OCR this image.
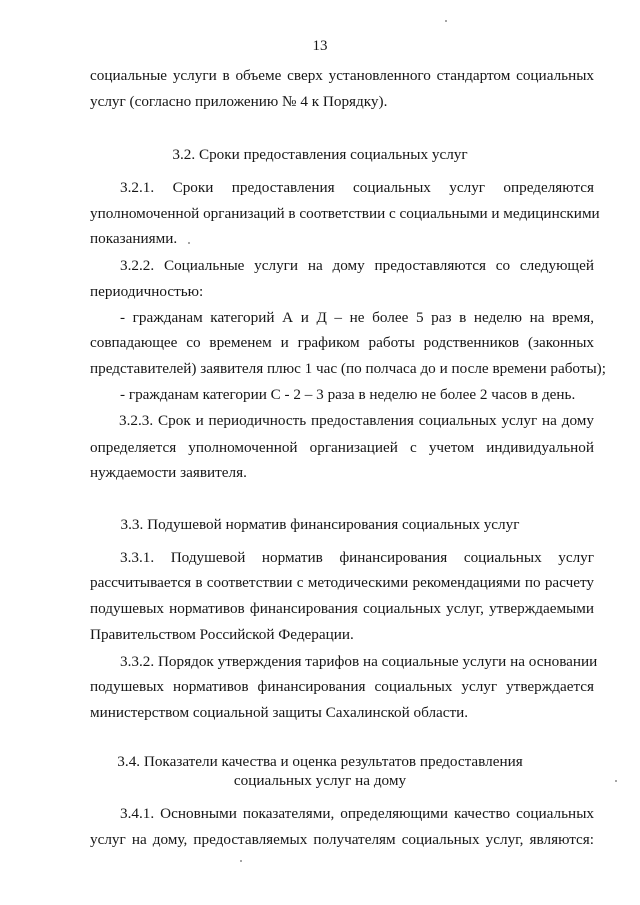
13
социальные услуги в объеме сверх установленного стандартом социальных
услуг (согласно приложению № 4 к Порядку).
3.2. Сроки предоставления социальных услуг
3.2.1. Сроки предоставления социальных услуг определяются
уполномоченной организаций в соответствии с социальными и медицинскими
показаниями.
3.2.2. Социальные услуги на дому предоставляются со следующей
периодичностью:
- гражданам категорий А и Д – не более 5 раз в неделю на время,
совпадающее со временем и графиком работы родственников (законных
представителей) заявителя плюс 1 час (по полчаса до и после времени работы);
- гражданам категории С - 2 – 3 раза в неделю не более 2 часов в день.
3.2.3. Срок и периодичность предоставления социальных услуг на дому
определяется уполномоченной организацией с учетом индивидуальной
нуждаемости заявителя.
3.3. Подушевой норматив финансирования социальных услуг
3.3.1. Подушевой норматив финансирования социальных услуг
рассчитывается в соответствии с методическими рекомендациями по расчету
подушевых нормативов финансирования социальных услуг, утверждаемыми
Правительством Российской Федерации.
3.3.2. Порядок утверждения тарифов на социальные услуги на основании
подушевых нормативов финансирования социальных услуг утверждается
министерством социальной защиты Сахалинской области.
3.4. Показатели качества и оценка результатов предоставления
социальных услуг на дому
3.4.1. Основными показателями, определяющими качество социальных
услуг на дому, предоставляемых получателям социальных услуг, являются:
